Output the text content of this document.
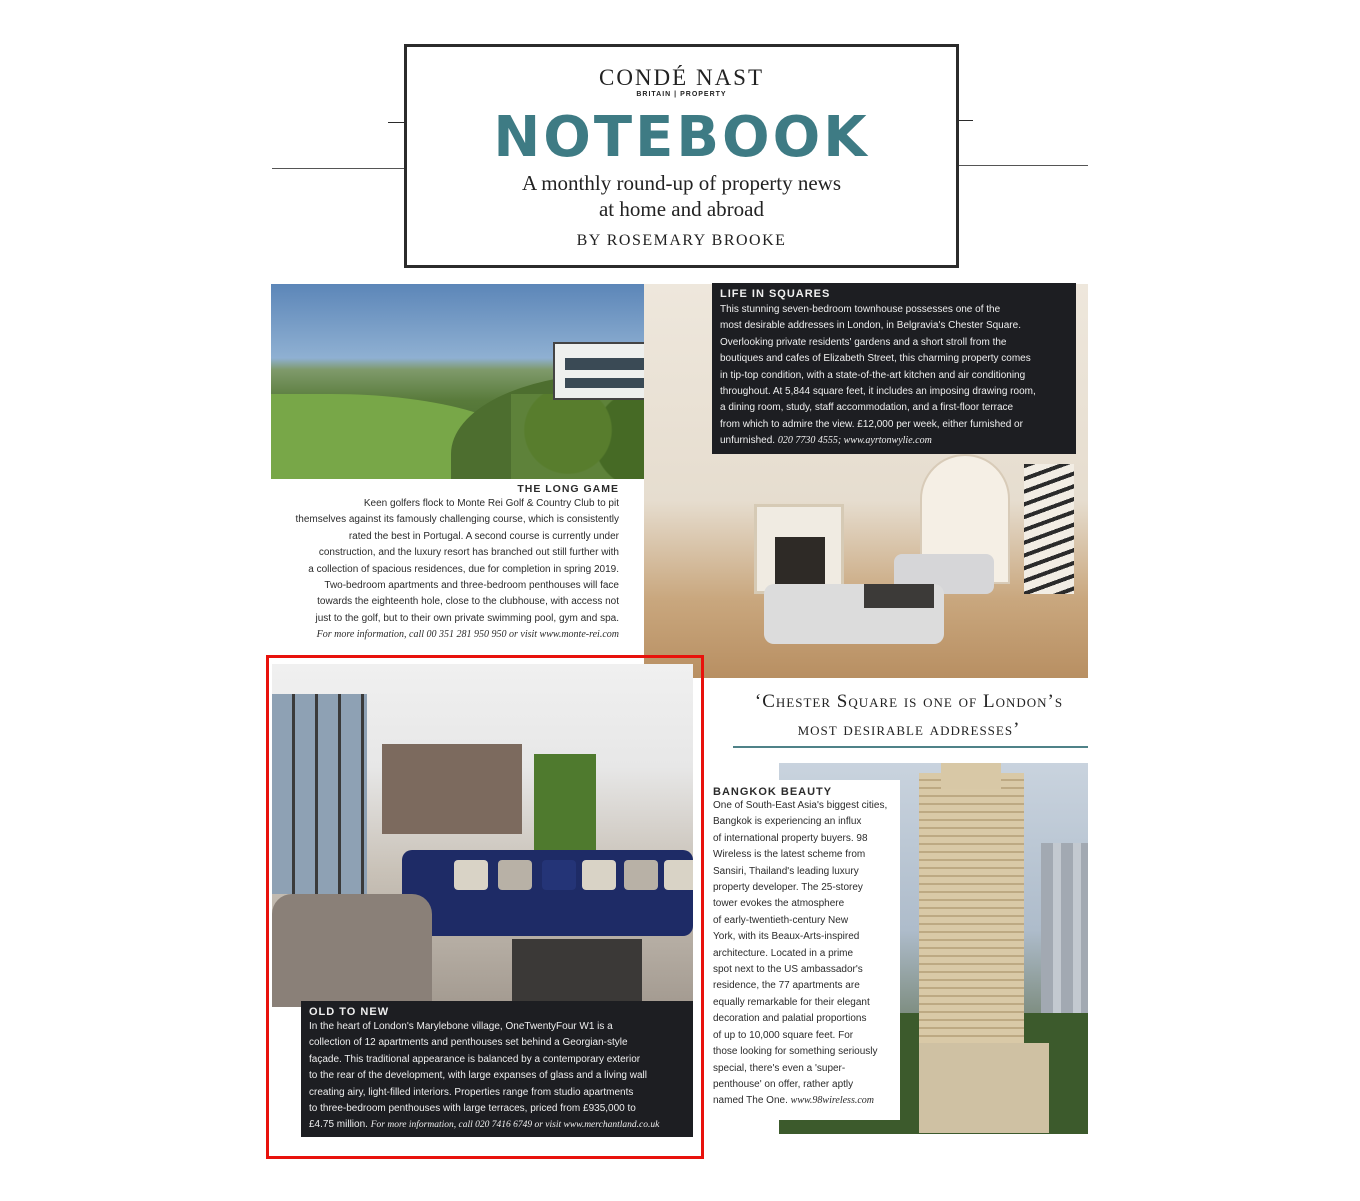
CONDÉ NAST
BRITAIN | PROPERTY
NOTEBOOK
A monthly round-up of property news
at home and abroad
BY ROSEMARY BROOKE
LIFE IN SQUARES

This stunning seven-bedroom townhouse possesses one of the
most desirable addresses in London, in Belgravia's Chester Square.
Overlooking private residents' gardens and a short stroll from the
boutiques and cafes of Elizabeth Street, this charming property comes
in tip-top condition, with a state-of-the-art kitchen and air conditioning
throughout. At 5,844 square feet, it includes an imposing drawing room,
a dining room, study, staff accommodation, and a first-floor terrace
from which to admire the view. £12,000 per week, either furnished or
unfurnished. 020 7730 4555; www.ayrtonwylie.com

THE LONG GAME

Keen golfers flock to Monte Rei Golf & Country Club to pit
themselves against its famously challenging course, which is consistently
rated the best in Portugal. A second course is currently under
construction, and the luxury resort has branched out still further with
a collection of spacious residences, due for completion in spring 2019.
Two-bedroom apartments and three-bedroom penthouses will face
towards the eighteenth hole, close to the clubhouse, with access not
just to the golf, but to their own private swimming pool, gym and spa.
For more information, call 00 351 281 950 950 or visit www.monte-rei.com

‘Chester Square is one of London’s
most desirable addresses’
OLD TO NEW

In the heart of London's Marylebone village, OneTwentyFour W1 is a
collection of 12 apartments and penthouses set behind a Georgian-style
façade. This traditional appearance is balanced by a contemporary exterior
to the rear of the development, with large expanses of glass and a living wall
creating airy, light-filled interiors. Properties range from studio apartments
to three-bedroom penthouses with large terraces, priced from £935,000 to
£4.75 million. For more information, call 020 7416 6749 or visit www.merchantland.co.uk

BANGKOK BEAUTY

One of South-East Asia's biggest cities,
Bangkok is experiencing an influx
of international property buyers. 98
Wireless is the latest scheme from
Sansiri, Thailand's leading luxury
property developer. The 25-storey
tower evokes the atmosphere
of early-twentieth-century New
York, with its Beaux-Arts-inspired
architecture. Located in a prime
spot next to the US ambassador's
residence, the 77 apartments are
equally remarkable for their elegant
decoration and palatial proportions
of up to 10,000 square feet. For
those looking for something seriously
special, there's even a 'super-
penthouse' on offer, rather aptly
named The One. www.98wireless.com
